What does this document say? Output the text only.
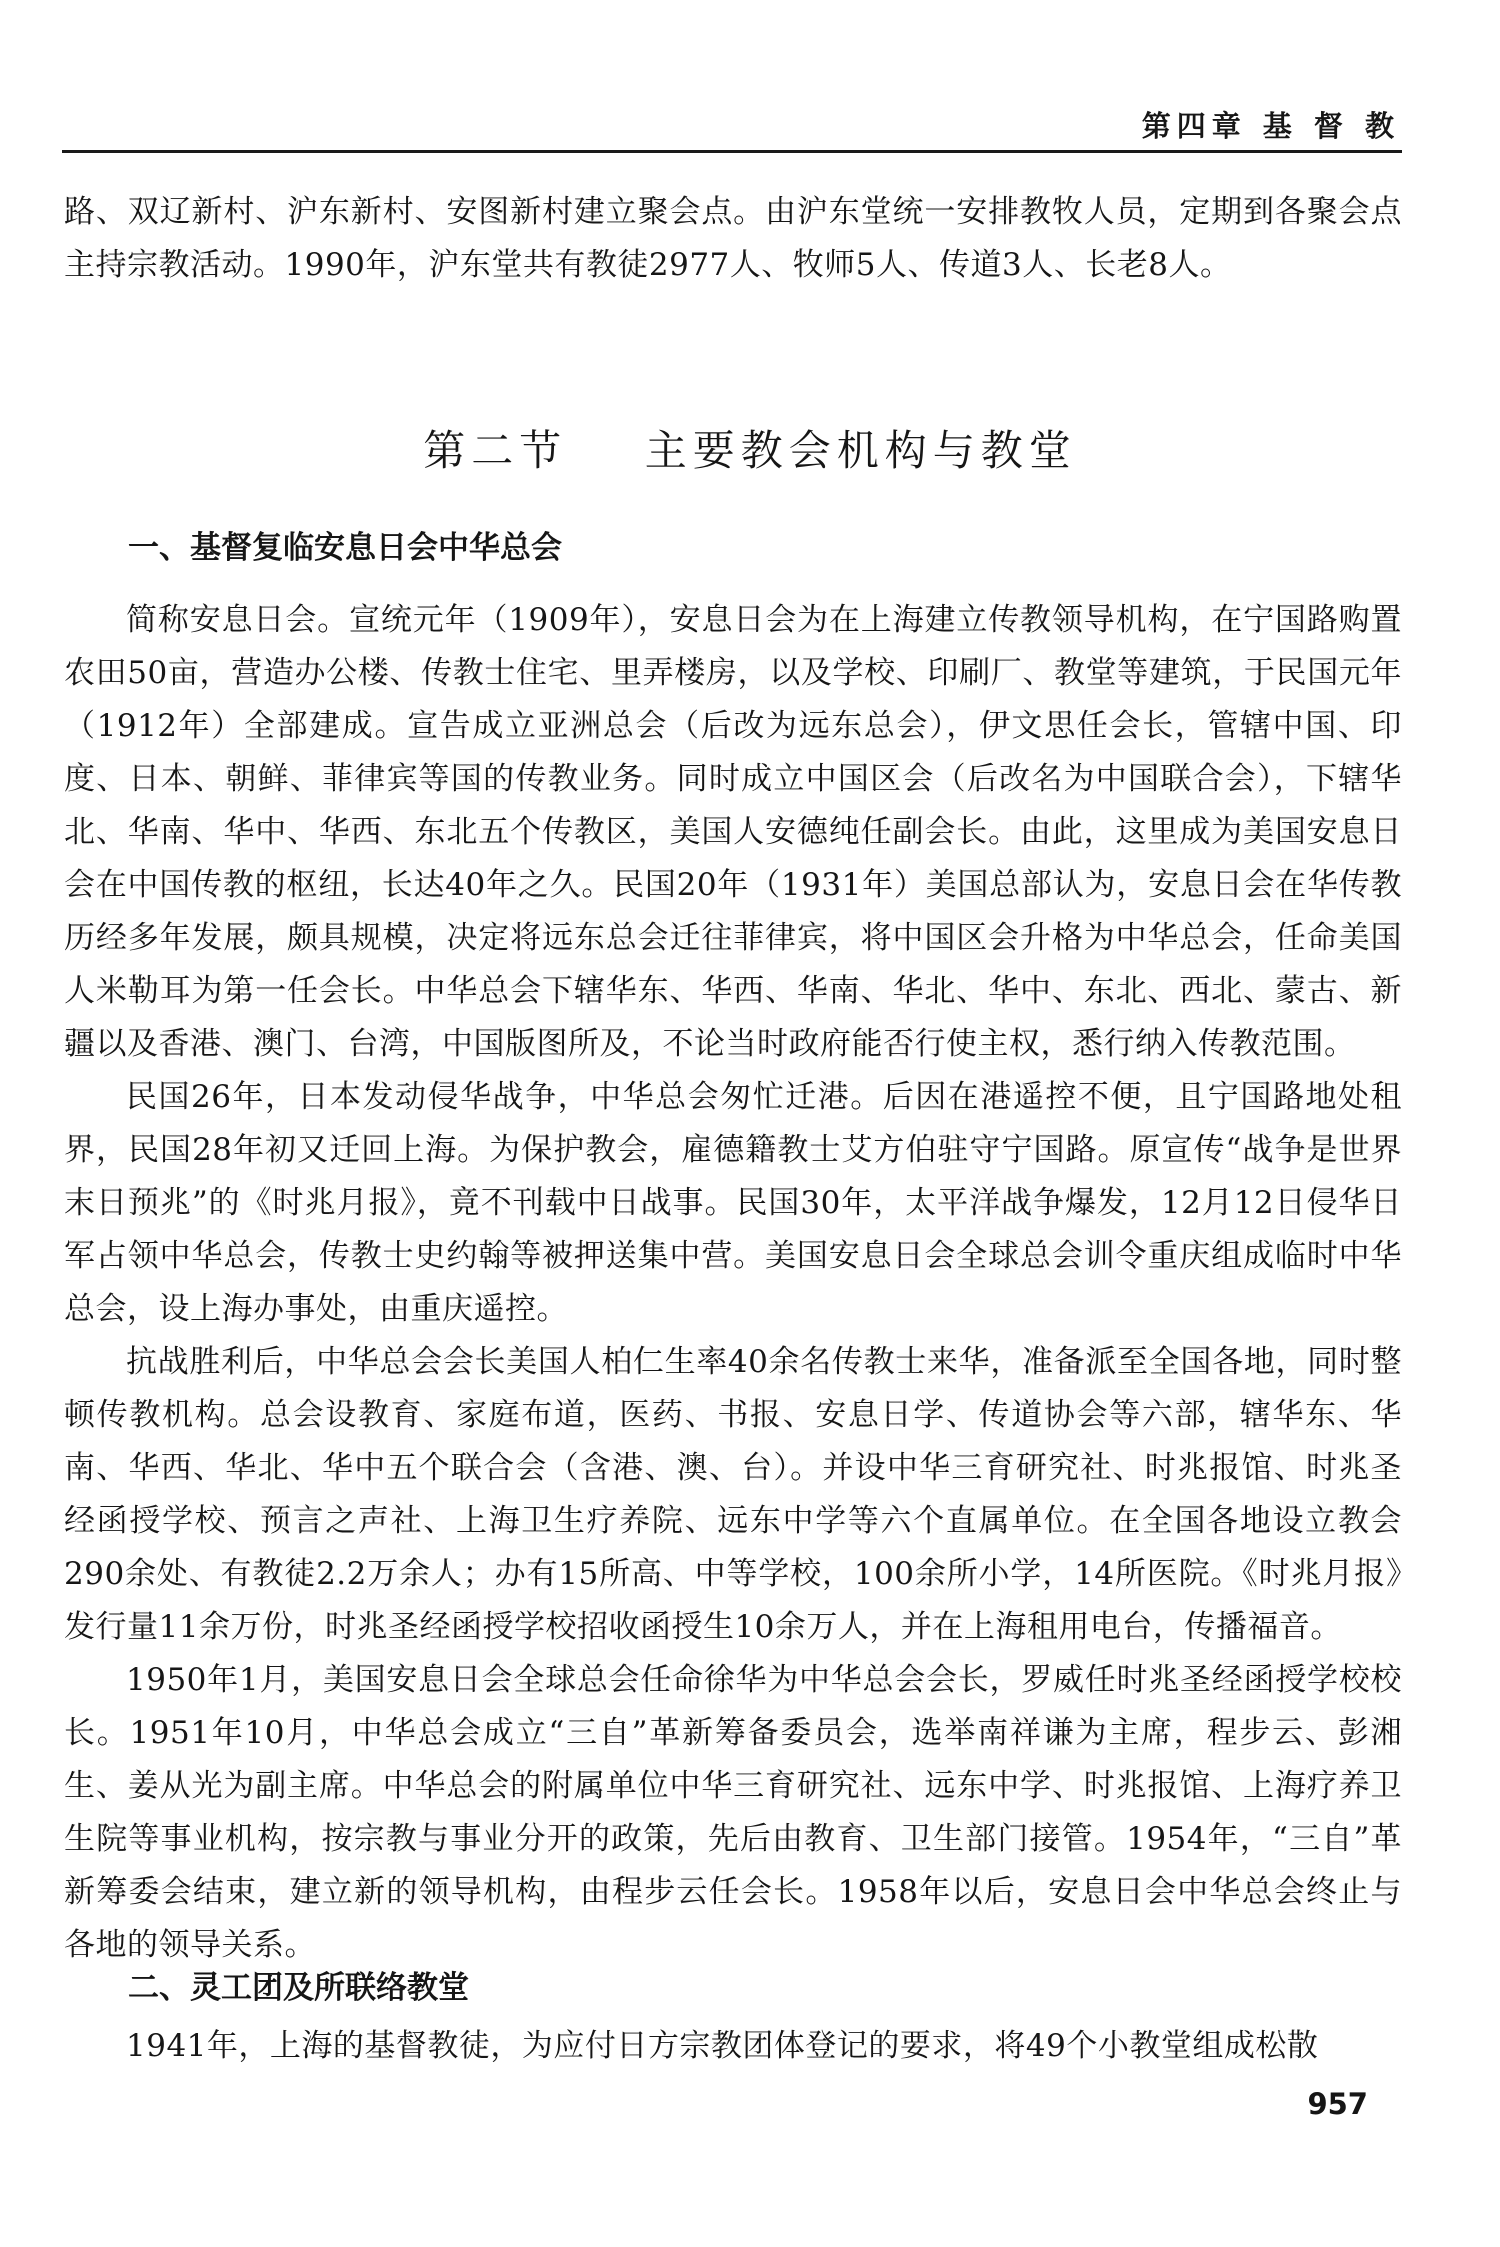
第四章 基 督 教

路、双辽新村、沪东新村、安图新村建立聚会点。由沪东堂统一安排教牧人员，定期到各聚会点主持宗教活动。1990年，沪东堂共有教徒2977人、牧师5人、传道3人、长老8人。

第二节    主要教会机构与教堂
一、基督复临安息日会中华总会

简称安息日会。宣统元年（1909年），安息日会为在上海建立传教领导机构，在宁国路购置农田50亩，营造办公楼、传教士住宅、里弄楼房，以及学校、印刷厂、教堂等建筑，于民国元年（1912年）全部建成。宣告成立亚洲总会（后改为远东总会），伊文思任会长，管辖中国、印度、日本、朝鲜、菲律宾等国的传教业务。同时成立中国区会（后改名为中国联合会），下辖华北、华南、华中、华西、东北五个传教区，美国人安德纯任副会长。由此，这里成为美国安息日会在中国传教的枢纽，长达40年之久。民国20年（1931年）美国总部认为，安息日会在华传教历经多年发展，颇具规模，决定将远东总会迁往菲律宾，将中国区会升格为中华总会，任命美国人米勒耳为第一任会长。中华总会下辖华东、华西、华南、华北、华中、东北、西北、蒙古、新疆以及香港、澳门、台湾，中国版图所及，不论当时政府能否行使主权，悉行纳入传教范围。

民国26年，日本发动侵华战争，中华总会匆忙迁港。后因在港遥控不便，且宁国路地处租界，民国28年初又迁回上海。为保护教会，雇德籍教士艾方伯驻守宁国路。原宣传“战争是世界末日预兆”的《时兆月报》，竟不刊载中日战事。民国30年，太平洋战争爆发，12月12日侵华日军占领中华总会，传教士史约翰等被押送集中营。美国安息日会全球总会训令重庆组成临时中华总会，设上海办事处，由重庆遥控。

抗战胜利后，中华总会会长美国人柏仁生率40余名传教士来华，准备派至全国各地，同时整顿传教机构。总会设教育、家庭布道，医药、书报、安息日学、传道协会等六部，辖华东、华南、华西、华北、华中五个联合会（含港、澳、台）。并设中华三育研究社、时兆报馆、时兆圣经函授学校、预言之声社、上海卫生疗养院、远东中学等六个直属单位。在全国各地设立教会290余处、有教徒2.2万余人；办有15所高、中等学校，100余所小学，14所医院。《时兆月报》发行量11余万份，时兆圣经函授学校招收函授生10余万人，并在上海租用电台，传播福音。

1950年1月，美国安息日会全球总会任命徐华为中华总会会长，罗威任时兆圣经函授学校校长。1951年10月，中华总会成立“三自”革新筹备委员会，选举南祥谦为主席，程步云、彭湘生、姜从光为副主席。中华总会的附属单位中华三育研究社、远东中学、时兆报馆、上海疗养卫生院等事业机构，按宗教与事业分开的政策，先后由教育、卫生部门接管。1954年，“三自”革新筹委会结束，建立新的领导机构，由程步云任会长。1958年以后，安息日会中华总会终止与各地的领导关系。

二、灵工团及所联络教堂

1941年，上海的基督教徒，为应付日方宗教团体登记的要求，将49个小教堂组成松散

957
